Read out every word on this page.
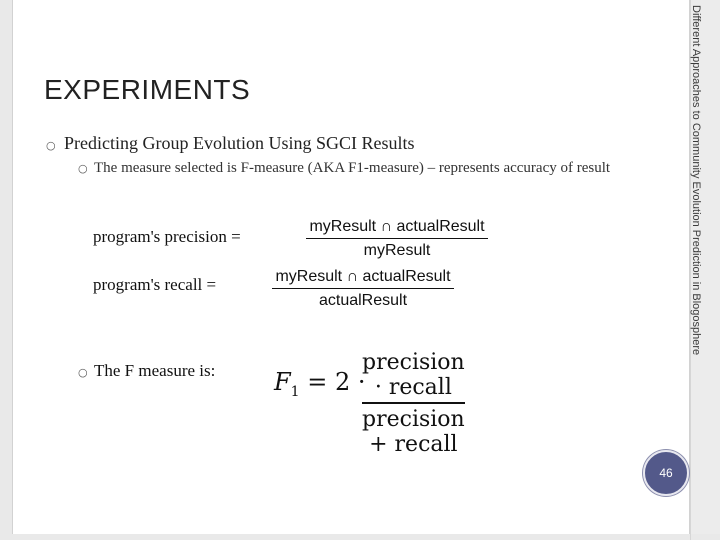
Different Approaches to Community Evolution Prediction in Blogosphere
EXPERIMENTS
○ Predicting Group Evolution Using SGCI Results
○ The measure selected is F-measure (AKA F1-measure) – represents accuracy of result
program's precision =
myResult ∩ actualResult
myResult
program's recall =	myResult ∩ actualResult
actualResult
○ The F measure is: $F_1 = 2$ ·
precision · recall
precision + recall
46
